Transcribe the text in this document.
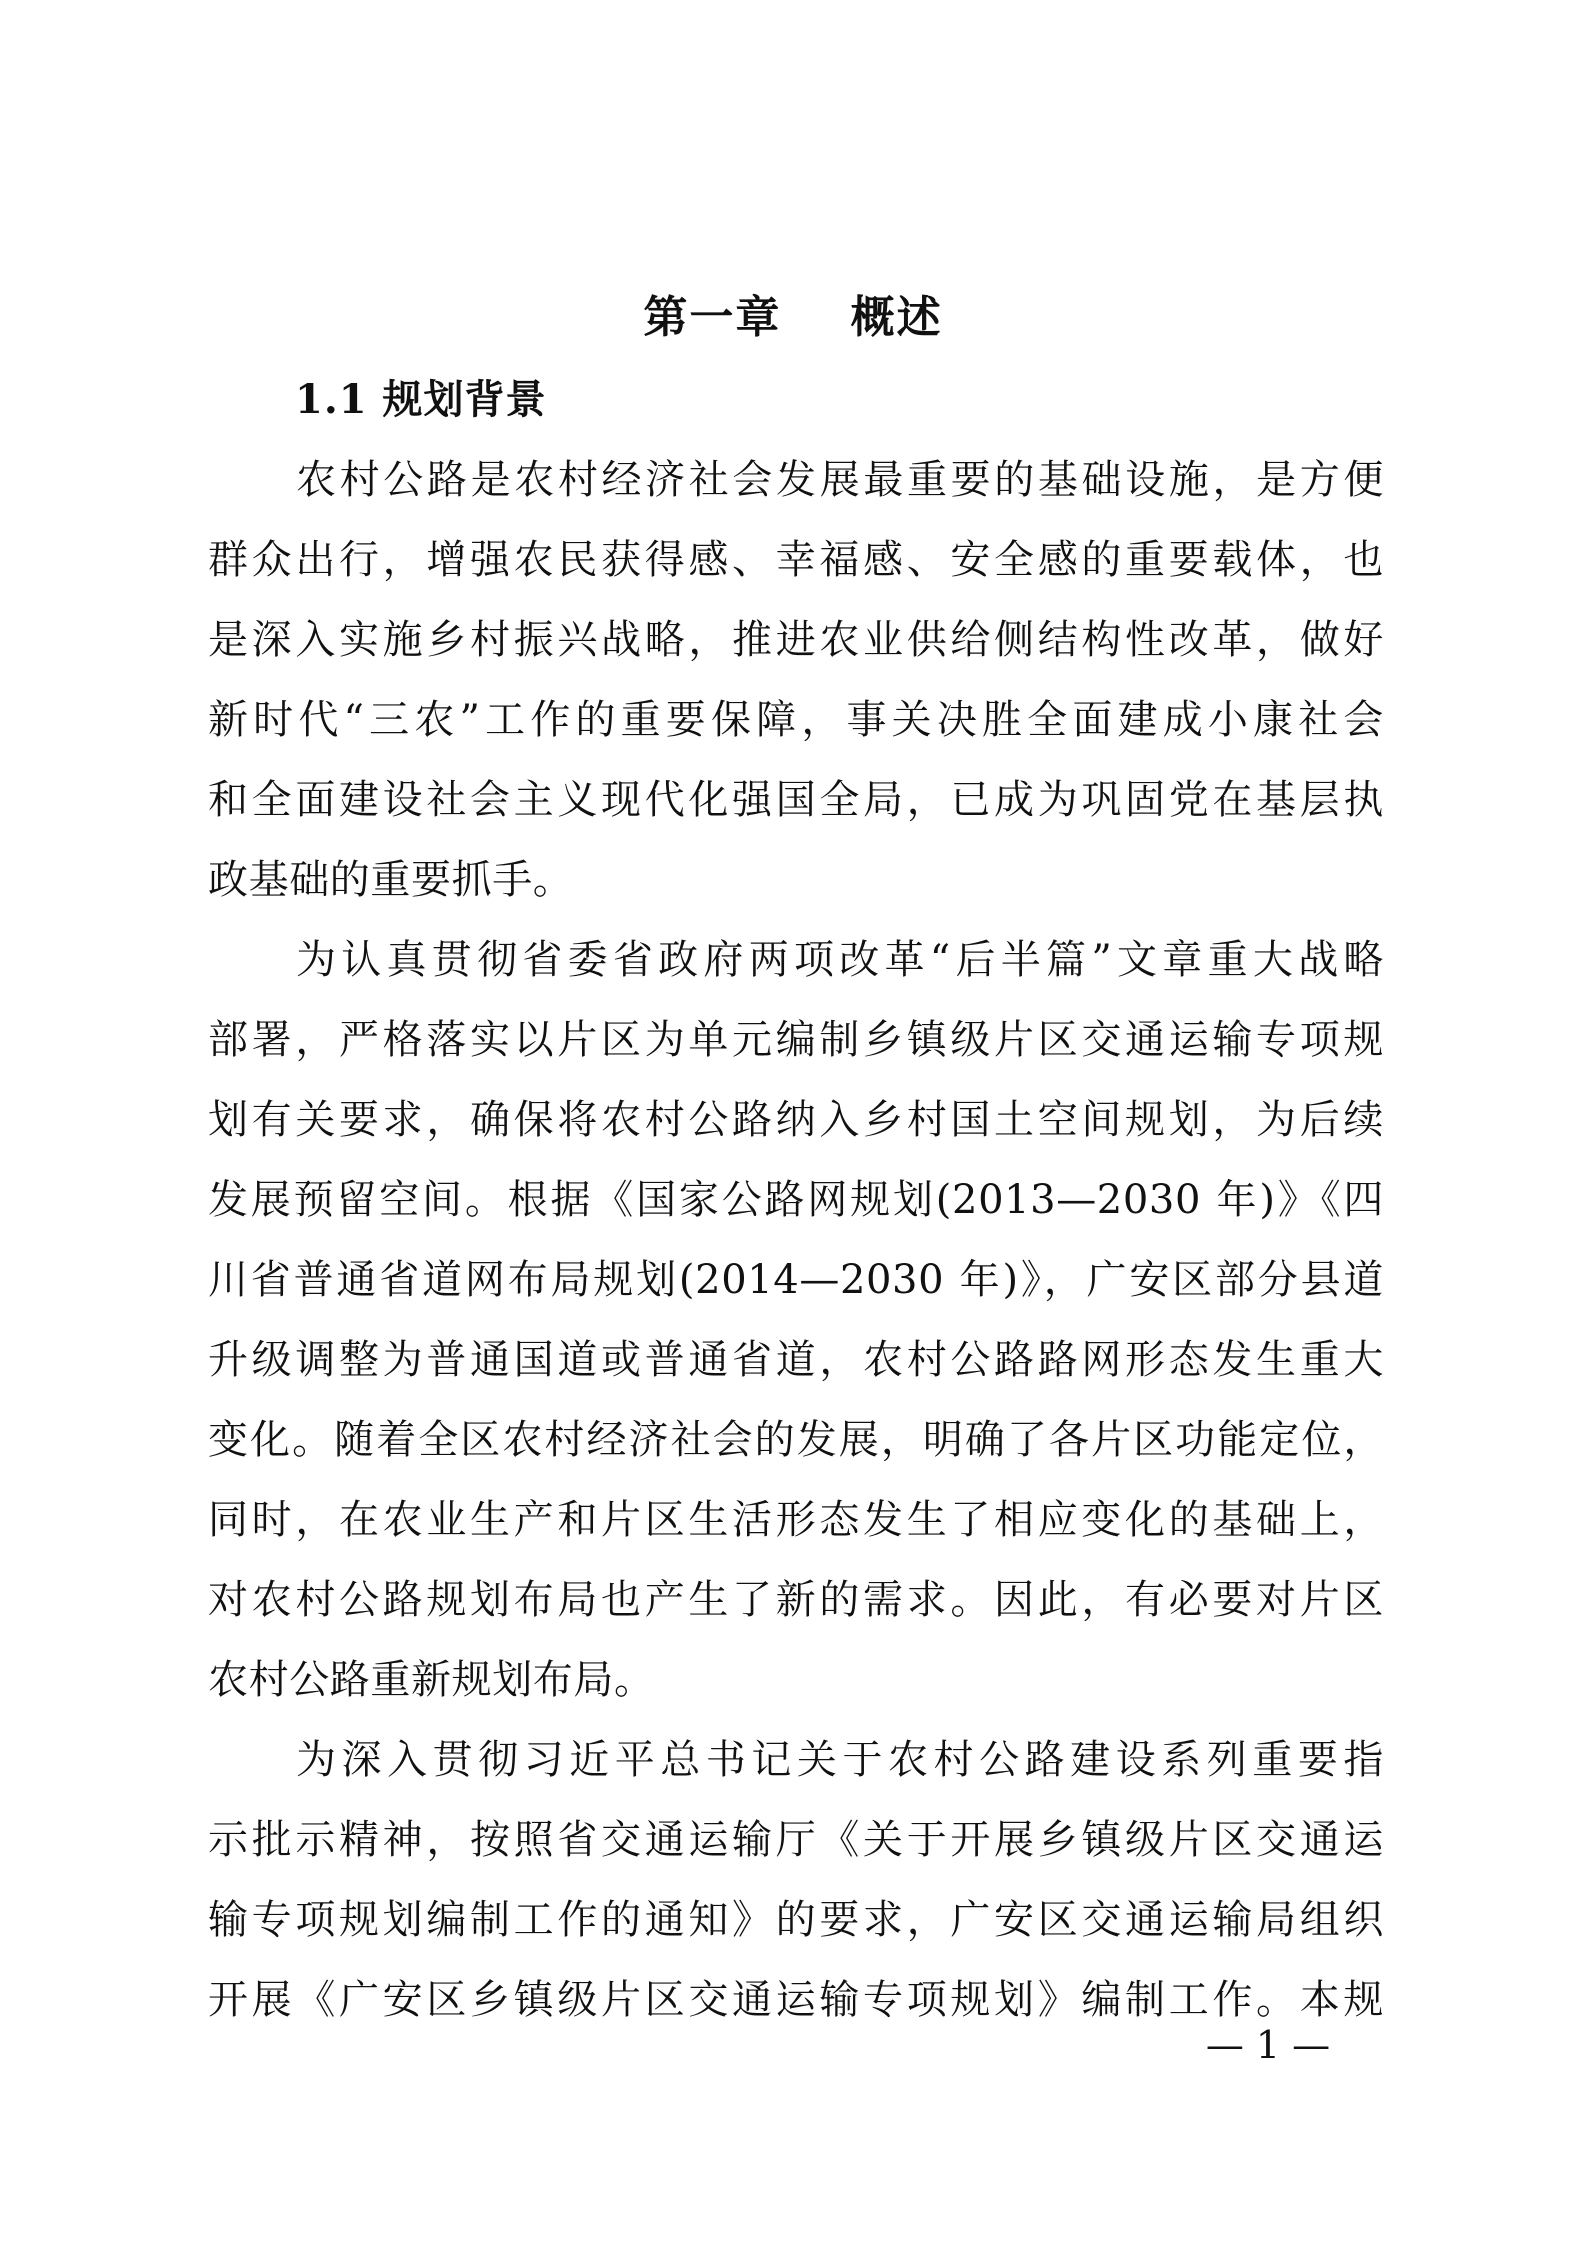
第一章    概述
1.1 规划背景
农村公路是农村经济社会发展最重要的基础设施，是方便
群众出行，增强农民获得感、幸福感、安全感的重要载体，也
是深入实施乡村振兴战略，推进农业供给侧结构性改革，做好
新时代“三农”工作的重要保障，事关决胜全面建成小康社会
和全面建设社会主义现代化强国全局，已成为巩固党在基层执
政基础的重要抓手。
为认真贯彻省委省政府两项改革“后半篇”文章重大战略
部署，严格落实以片区为单元编制乡镇级片区交通运输专项规
划有关要求，确保将农村公路纳入乡村国土空间规划，为后续
发展预留空间。根据《国家公路网规划(2013—2030 年)》《四
川省普通省道网布局规划(2014—2030 年)》，广安区部分县道
升级调整为普通国道或普通省道，农村公路路网形态发生重大
变化。随着全区农村经济社会的发展，明确了各片区功能定位，
同时，在农业生产和片区生活形态发生了相应变化的基础上，
对农村公路规划布局也产生了新的需求。因此，有必要对片区
农村公路重新规划布局。
为深入贯彻习近平总书记关于农村公路建设系列重要指
示批示精神，按照省交通运输厅《关于开展乡镇级片区交通运
输专项规划编制工作的通知》的要求，广安区交通运输局组织
开展《广安区乡镇级片区交通运输专项规划》编制工作。本规
— 1 —
